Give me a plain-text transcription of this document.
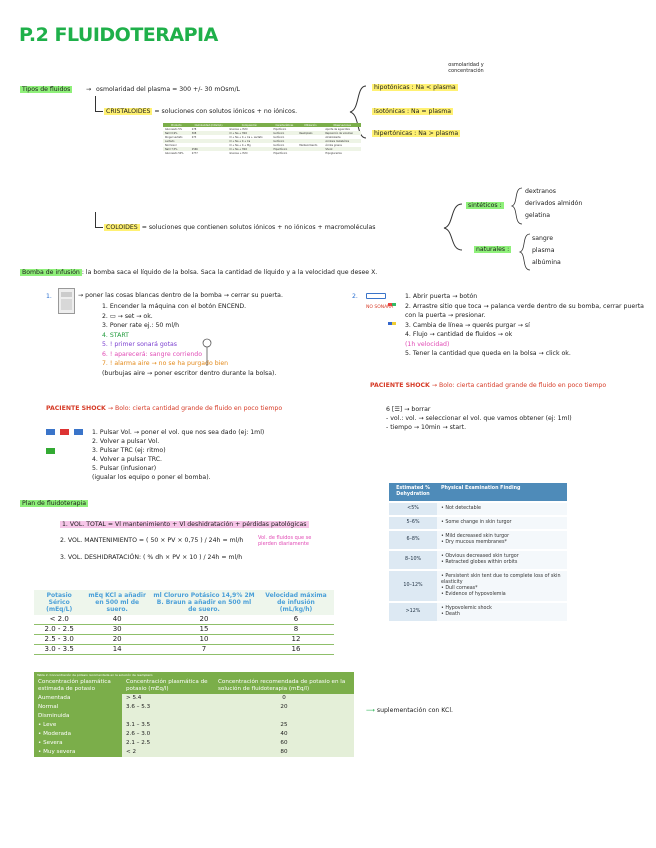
P.2 FLUIDOTERAPIA
Tipos de fluidos	→ osmolaridad del plasma = 300 +/- 30 mOsm/L
CRISTALOIDES = soluciones con solutos iónicos + no iónicos.
osmolaridad y concentración
hipotónicas : Na < plasma
isotónicas : Na = plasma
hipertónicas : Na > plasma
Producto	Osmolaridad (mOsm/L)	Composición	Características	Utilización	Observaciones
Glucosado 5%	278	Glucosa + H2O	Hipotónico		Aporte de agua libre
NaCl 0,9%	308	Cl + Na + H2O	Isotónico	Reemplazo	Reposición de volumen
Ringer Lactato	273	Cl + Na + K + Ca + Lactato	Isotónico		Alcalinizante
Lactado		Cl + Na + K + Ca	Isotónico		Acidosis metabólica
Normosol		Cl + Na + K + Mg	Isotónico	Mantenimiento	Ácidos grasos
NaCl 7,5%	2566	Cl + Na + H2O	Hipertónico		Shock
Glucosado 50%	2777	Glucosa + H2O	Hipertónico		Hipoglucemia
COLOIDES = soluciones que contienen solutos iónicos + no iónicos + macromoléculas
sintéticos :
dextranos
derivados almidón
gelatina
naturales :
sangre
plasma
albúmina
Bomba de infusión : la bomba saca el líquido de la bolsa. Saca la cantidad de líquido y a la velocidad que desee X.
1.	→ poner las cosas blancas dentro de la bomba → cerrar su puerta.
1. Encender la máquina con el botón ENCEND.
2. ▭ → set → ok.
3. Poner rate ej.: 50 ml/h
4. START
5. ! primer sonará gotas
6. ! aparecerá: sangre corriendo
7. ! alarma aire → no se ha purgado bien
(burbujas aire → poner escritor dentro durante la bolsa).
2.

NO SONARA
1. Abrir puerta → botón
2. Arrastre sitio que toca → palanca verde dentro de su bomba, cerrar puerta con la puerta → presionar.
3. Cambia de línea → querés purgar → sí
4. Flujo → cantidad de fluidos → ok
(1h velocidad)
5. Tener la cantidad que queda en la bolsa → click ok.
PACIENTE SHOCK → Bolo: cierta cantidad grande de fluido en poco tiempo
6 [☰] → borrar
- vol.: vol. → seleccionar el vol. que vamos obtener (ej: 1ml)
- tiempo → 10min → start.
PACIENTE SHOCK → Bolo: cierta cantidad grande de fluido en poco tiempo

1. Pulsar Vol. → poner el vol. que nos sea dado (ej: 1ml)
2. Volver a pulsar Vol.
3. Pulsar TRC (ej: ritmo)
4. Volver a pulsar TRC.
5. Pulsar (infusionar)
(igualar los equipo o poner el bomba).
Plan de fluidoterapia
1. VOL. TOTAL = Vl mantenimiento + Vl deshidratación + pérdidas patológicas
2. VOL. MANTENIMIENTO = ( 50 × PV × 0,75 ) / 24h = ml/h
3. VOL. DESHIDRATACIÓN: ( % dh × PV × 10 ) / 24h = ml/h
Vol. de fluidos que se pierden diariamente
Estimated % Dehydration	Physical Examination Finding
<5%	• Not detectable

5–6%	• Some change in skin turgor

6–8%	• Mild decreased skin turgor
• Dry mucous membranes*

8–10%	• Obvious decreased skin turgor
• Retracted globes within orbits

10–12%	• Persistent skin tent due to complete loss of skin elasticity
• Dull corneas*
• Evidence of hypovolemia

>12%	• Hypovolemic shock
• Death
Potasio Sérico (mEq/L)	mEq KCl a añadir en 500 ml de suero.	ml Cloruro Potásico 14,9% 2M B. Braun a añadir en 500 ml de suero.	Velocidad máxima de infusión (mL/kg/h)
< 2.0	40	20	6
2.0 - 2.5	30	15	8
2.5 - 3.0	20	10	12
3.0 - 3.5	14	7	16
Tabla 2. Concentración de potasio recomendada en la solución de reemplazo
Concentración plasmática estimada de potasio	Concentración plasmática de potasio (mEq/l)	Concentración recomendada de potasio en la solución de fluidoterapia (mEq/l)
Aumentada	> 5.4	0
Normal	3.6 – 5.3	20
Disminuida		
• Leve	3.1 – 3.5	25
• Moderada	2.6 – 3.0	40
• Severa	2.1 – 2.5	60
• Muy severa	< 2	80
⟶ suplementación con KCl.
